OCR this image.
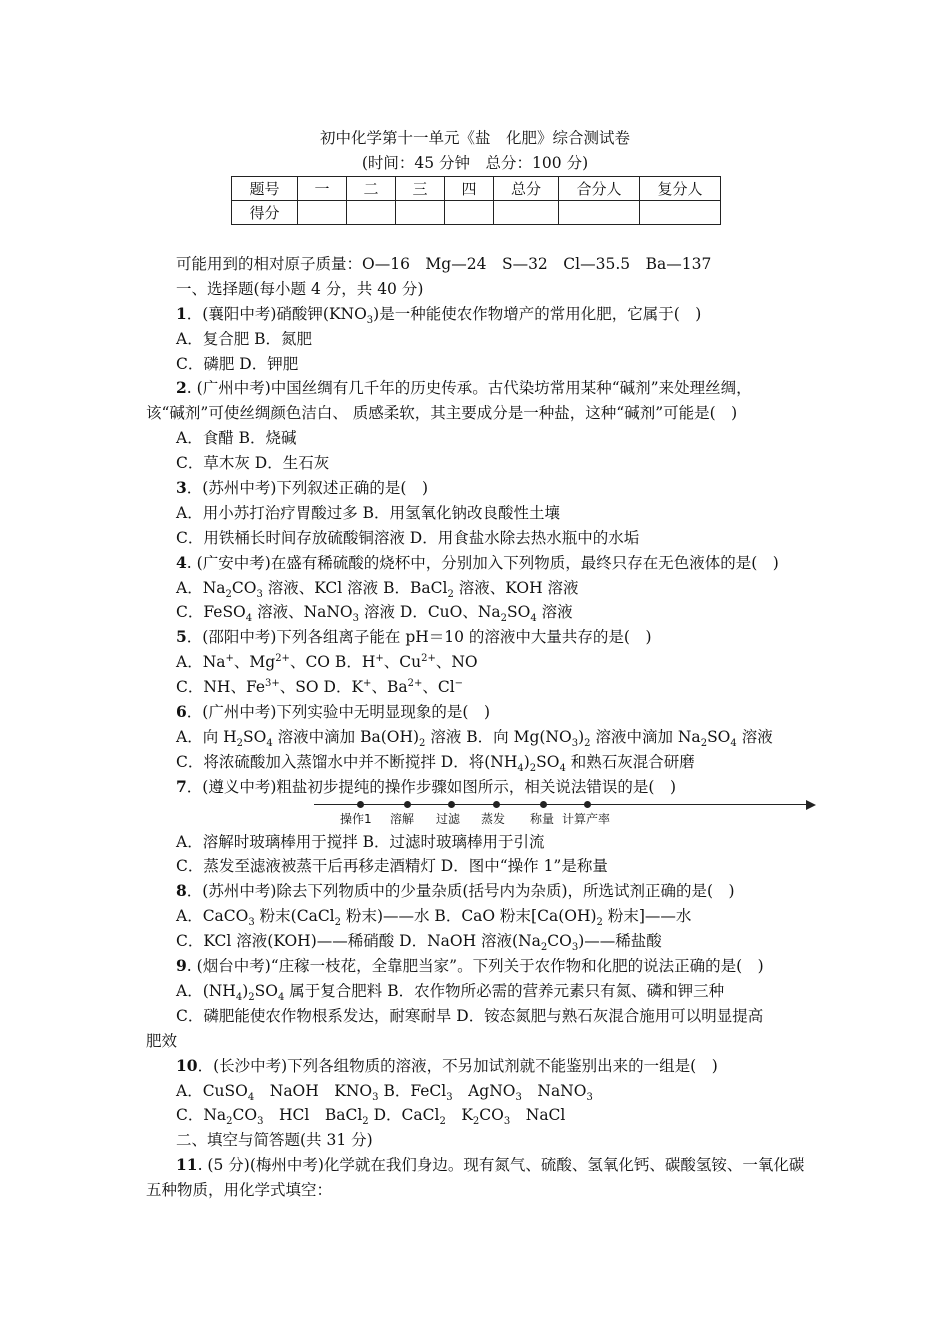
初中化学第十一单元《盐　化肥》综合测试卷
(时间：45 分钟　总分：100 分)
题号	一	二	三	四	总分	合分人	复分人
得分							
可能用到的相对原子质量：O—16　Mg—24　S—32　Cl—35.5　Ba—137
一、选择题(每小题 4 分，共 40 分)
1．(襄阳中考)硝酸钾$(KNO_3)$是一种能使农作物增产的常用化肥，它属于(　)
A．复合肥 B．氮肥
C．磷肥 D．钾肥
2. (广州中考)中国丝绸有几千年的历史传承。古代染坊常用某种“碱剂”来处理丝绸，
该“碱剂”可使丝绸颜色洁白、 质感柔软，其主要成分是一种盐，这种“碱剂”可能是(　)
A．食醋 B．烧碱
C．草木灰 D．生石灰
3．(苏州中考)下列叙述正确的是(　)
A．用小苏打治疗胃酸过多 B．用氢氧化钠改良酸性土壤
C．用铁桶长时间存放硫酸铜溶液 D．用食盐水除去热水瓶中的水垢
4. (广安中考)在盛有稀硫酸的烧杯中，分别加入下列物质，最终只存在无色液体的是(　)
A．$Na_2CO_3$ 溶液、KCl 溶液 B．BaCl$_2$ 溶液、KOH 溶液
C．FeSO$_4$ 溶液、NaNO$_3$ 溶液 D．CuO、$Na_2SO_4$ 溶液
5．(邵阳中考)下列各组离子能在 pH＝10 的溶液中大量共存的是(　)
A．Na+、$Mg^{2+}$、CO B．H+、$Cu^{2+}$、NO
C．NH、$Fe^{3+}$、SO D．K+、$Ba^{2+}$、Cl−
6．(广州中考)下列实验中无明显现象的是(　)
A．向 $H_2SO_4$ 溶液中滴加 $Ba(OH)_2$ 溶液 B．向 $Mg(NO_3)_2$ 溶液中滴加 $Na_2SO_4$ 溶液
C．将浓硫酸加入蒸馏水中并不断搅拌 D．将$(NH_4)_2SO_4$ 和熟石灰混合研磨
7．(遵义中考)粗盐初步提纯的操作步骤如图所示，相关说法错误的是(　)
操作1 溶解 过滤 蒸发 称量 计算产率
A．溶解时玻璃棒用于搅拌 B．过滤时玻璃棒用于引流
C．蒸发至滤液被蒸干后再移走酒精灯 D．图中“操作 1”是称量
8．(苏州中考)除去下列物质中的少量杂质(括号内为杂质)，所选试剂正确的是(　)
A．CaCO$_3$ 粉末(CaCl$_2$ 粉末)——水 B．CaO 粉末[$Ca(OH)_2$ 粉末]——水
C．KCl 溶液(KOH)——稀硝酸 D．NaOH 溶液$(Na_2CO_3)——$稀盐酸
9. (烟台中考)“庄稼一枝花，全靠肥当家”。下列关于农作物和化肥的说法正确的是(　)
A．$(NH_4)_2SO_4$ 属于复合肥料 B．农作物所必需的营养元素只有氮、磷和钾三种
C．磷肥能使农作物根系发达，耐寒耐旱 D．铵态氮肥与熟石灰混合施用可以明显提高
肥效
10．(长沙中考)下列各组物质的溶液，不另加试剂就不能鉴别出来的一组是(　)
A．CuSO$_4$　NaOH　$KNO_3$ B．FeCl$_3$　AgNO$_3$　NaNO$_3$
C．$Na_2CO_3$　HCl　BaCl$_2$ D．CaCl$_2$　$K_2CO_3$　NaCl
二、填空与简答题(共 31 分)
11. (5 分)(梅州中考)化学就在我们身边。现有氮气、硫酸、氢氧化钙、碳酸氢铵、一氧化碳
五种物质，用化学式填空：
